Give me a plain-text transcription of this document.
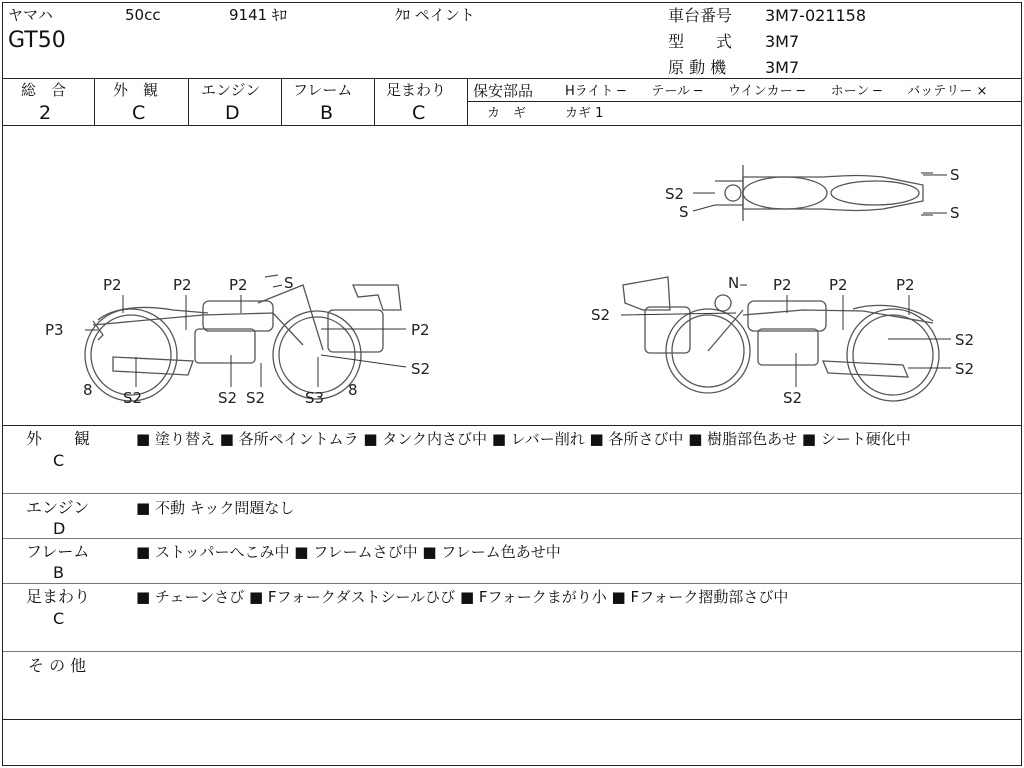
ヤマハ	50cc	9141 ｷﾛ	ｸﾛ ペイント
GT50
車台番号 3M7-021158
型　　式 3M7
原 動 機 3M7
総　合
2
外　観
C
エンジン
D
フレーム
B
足まわり
C
保安部品 Hライト ─　　テール ─　　ウインカー ─　　ホーン ─　　バッテリー ×
カ　ギ	カギ 1
P2	P2 P2 S
P3	P2
S2
8 S2	S2 S2	S3 8
N P2 P2	P2
S2
S2
S2
S2
S2
S
S
S
外　　観
C
■ 塗り替え ■ 各所ペイントムラ ■ タンク内さび中 ■ レバー削れ ■ 各所さび中 ■ 樹脂部色あせ ■ シート硬化中
エンジン
D
■ 不動 キック問題なし
フレーム
B
■ ストッパーへこみ中 ■ フレームさび中 ■ フレーム色あせ中
足まわり
C
■ チェーンさび ■ Fフォークダストシールひび ■ Fフォークまがり小 ■ Fフォーク摺動部さび中
そ の 他
